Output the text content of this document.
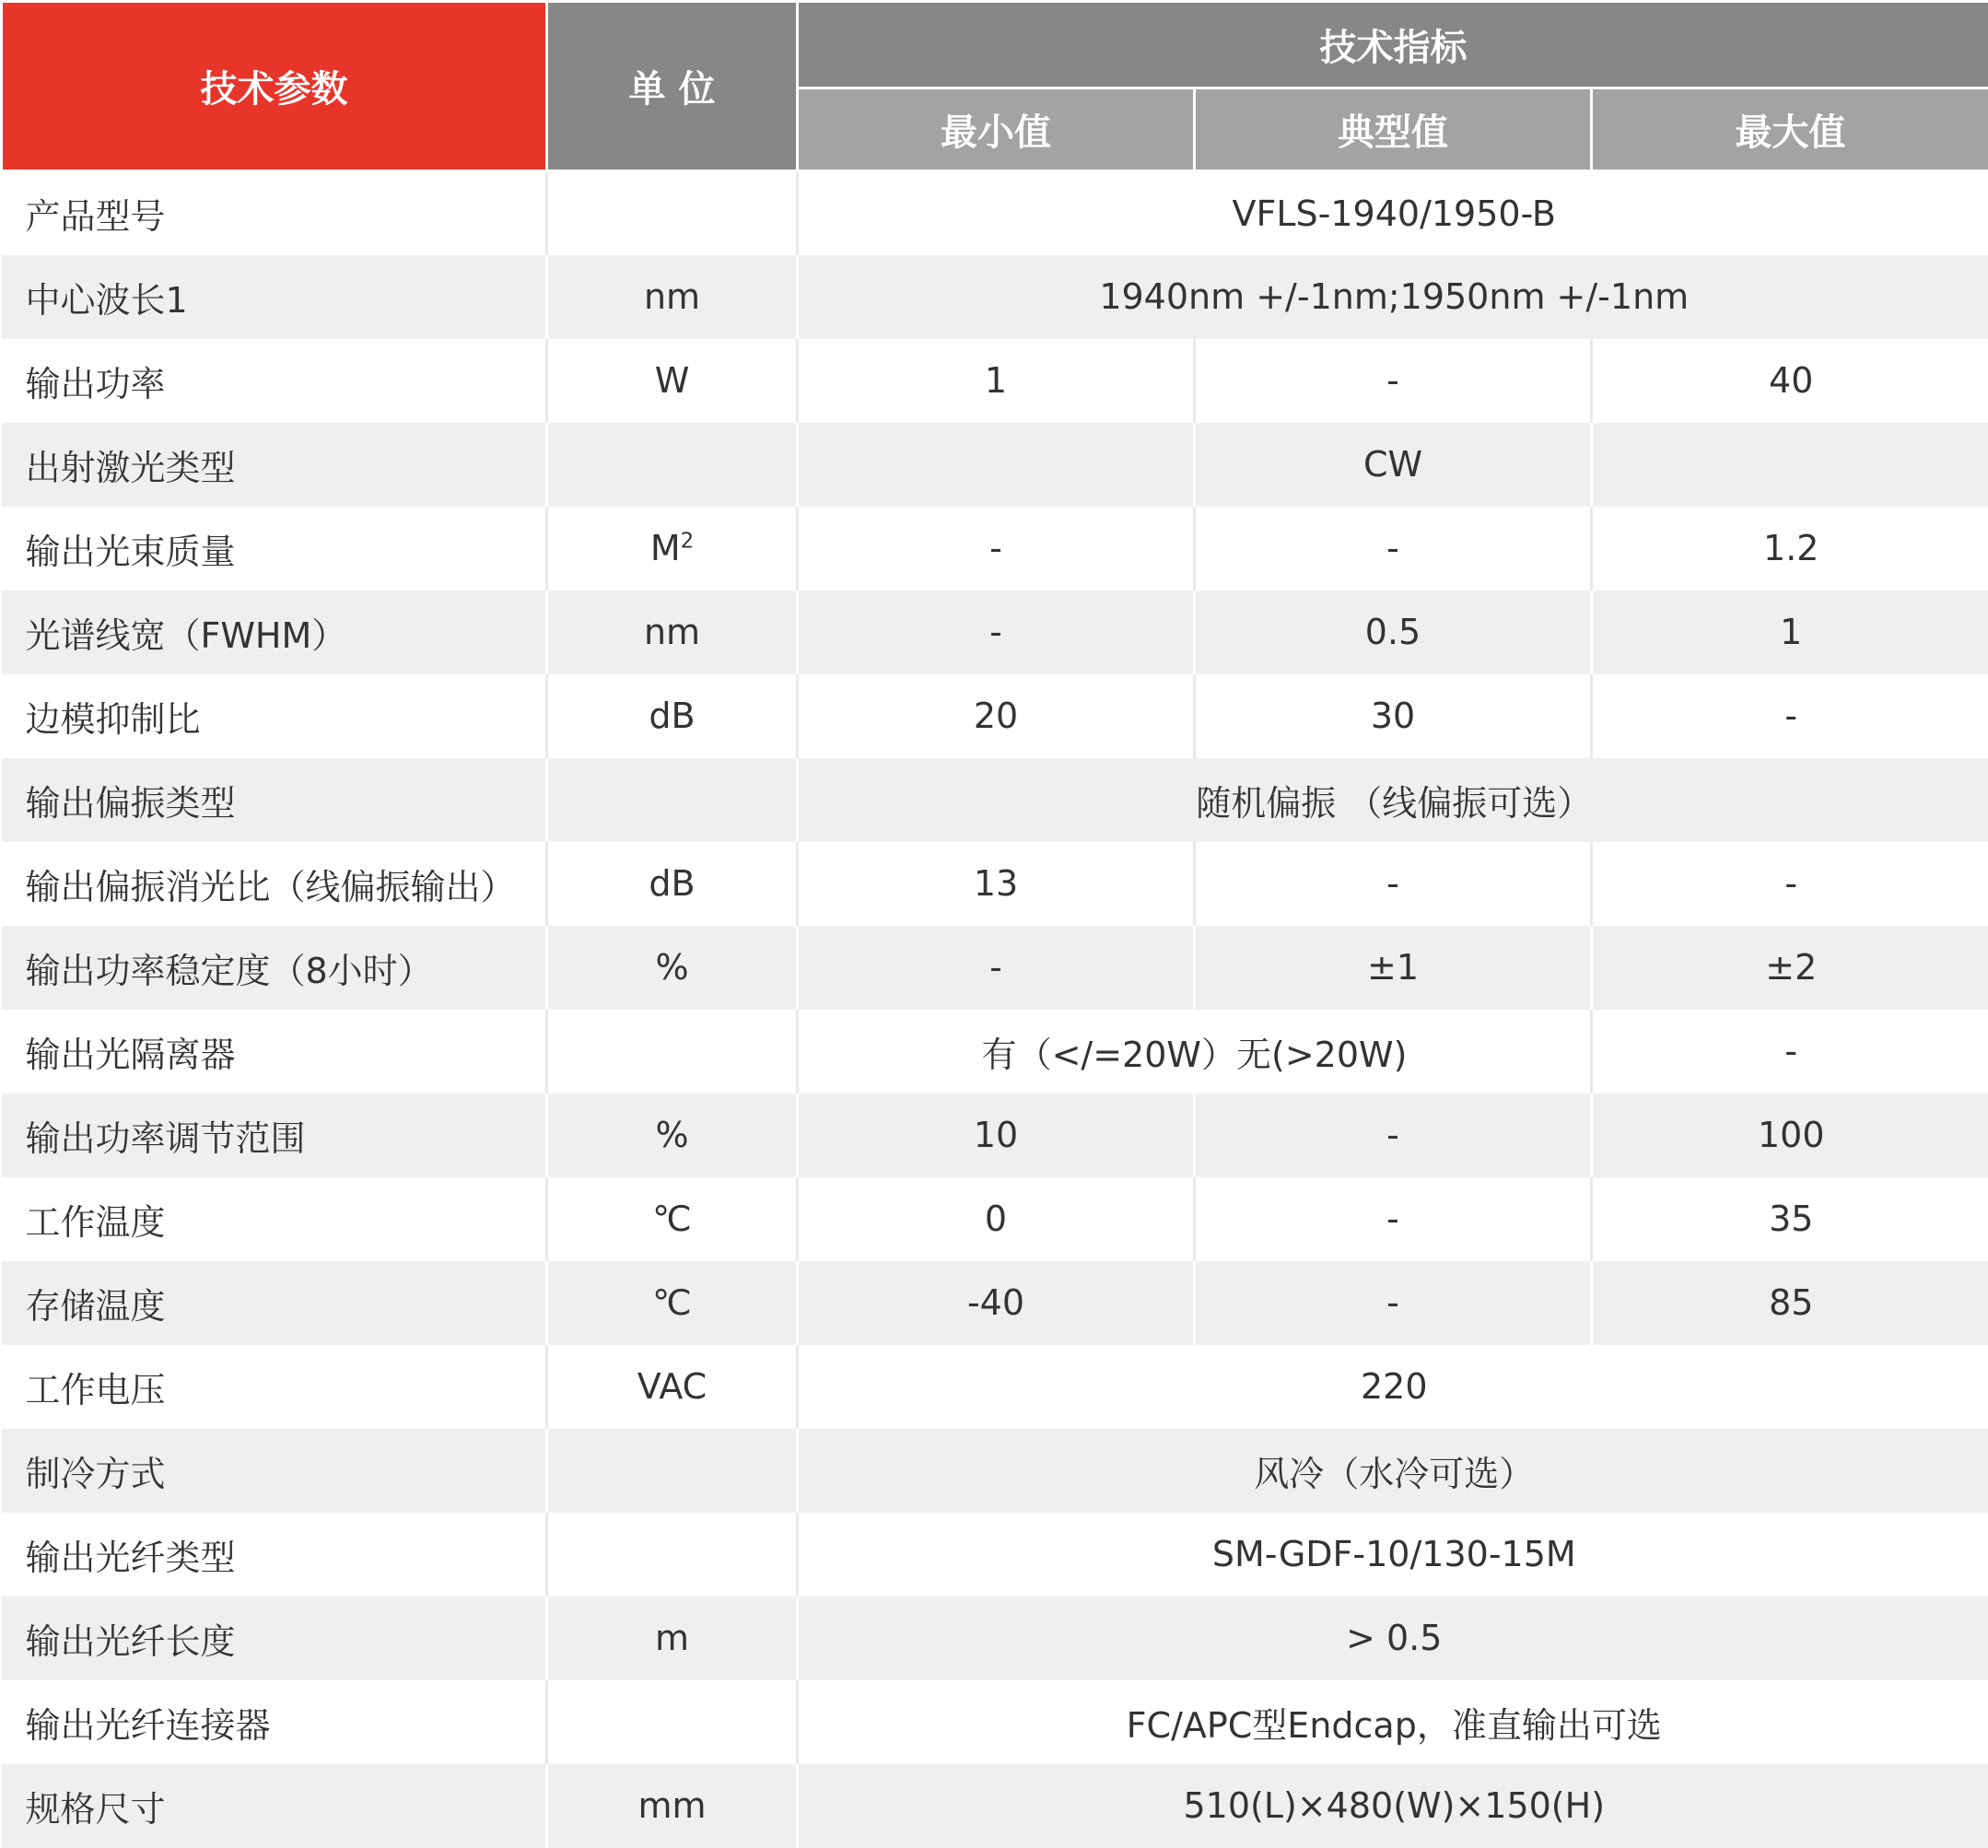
技术参数	单 位	技术指标		
		最小值	典型值	最大值
产品型号		VFLS-1940/1950-B		
中心波长1	nm	1940nm +/-1nm;1950nm +/-1nm		
输出功率	W	1	-	40
出射激光类型			CW	
输出光束质量	$M^2$	-	-	1.2
光谱线宽（FWHM）	nm	-	0.5	1
边模抑制比	dB	20	30	-
输出偏振类型		随机偏振 （线偏振可选）		
输出偏振消光比（线偏振输出）	dB	13	-	-
输出功率稳定度（8小时）	%	-	±1	±2
输出光隔离器		有（</=20W）无(>20W)		-
输出功率调节范围	%	10	-	100
工作温度	℃	0	-	35
存储温度	℃	-40	-	85
工作电压	VAC	220		
制冷方式		风冷（水冷可选）		
输出光纤类型		SM-GDF-10/130-15M		
输出光纤长度	m	> 0.5		
输出光纤连接器		FC/APC型Endcap，准直输出可选		
规格尺寸	mm	510(L)×480(W)×150(H)		
